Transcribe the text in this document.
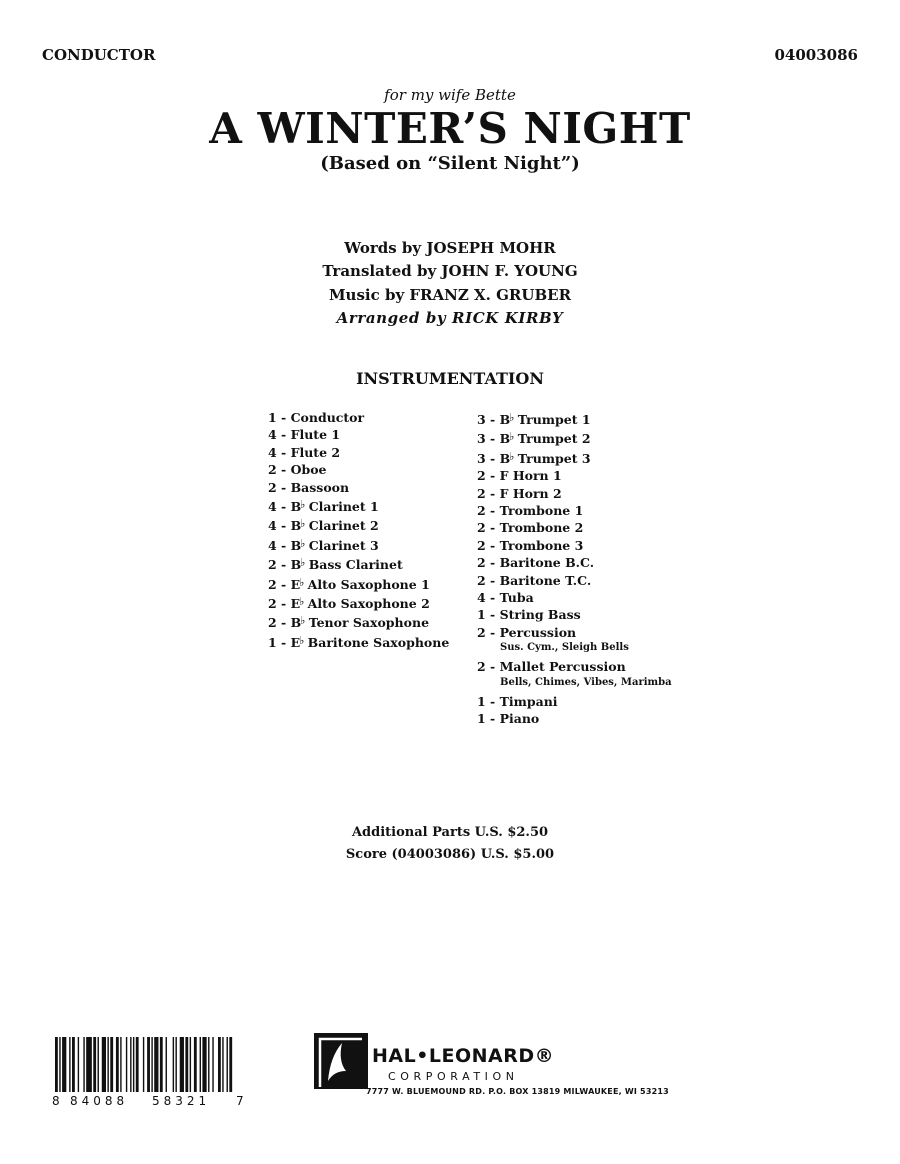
CONDUCTOR	04003086
for my wife Bette
A WINTER’S NIGHT
(Based on “Silent Night”)
Words by JOSEPH MOHR
Translated by JOHN F. YOUNG
Music by FRANZ X. GRUBER
Arranged by RICK KIRBY
INSTRUMENTATION
1 - Conductor
4 - Flute 1
4 - Flute 2
2 - Oboe
2 - Bassoon
4 - B♭ Clarinet 1
4 - B♭ Clarinet 2
4 - B♭ Clarinet 3
2 - B♭ Bass Clarinet
2 - E♭ Alto Saxophone 1
2 - E♭ Alto Saxophone 2
2 - B♭ Tenor Saxophone
1 - E♭ Baritone Saxophone
3 - B♭ Trumpet 1
3 - B♭ Trumpet 2
3 - B♭ Trumpet 3
2 - F Horn 1
2 - F Horn 2
2 - Trombone 1
2 - Trombone 2
2 - Trombone 3
2 - Baritone B.C.
2 - Baritone T.C.
4 - Tuba
1 - String Bass
2 - Percussion
Sus. Cym., Sleigh Bells
2 - Mallet Percussion
Bells, Chimes, Vibes, Marimba
1 - Timpani
1 - Piano
Additional Parts U.S. $2.50
Score (04003086) U.S. $5.00
8 84088 58321 7
HAL•LEONARD®
CORPORATION
7777 W. BLUEMOUND RD. P.O. BOX 13819 MILWAUKEE, WI 53213
